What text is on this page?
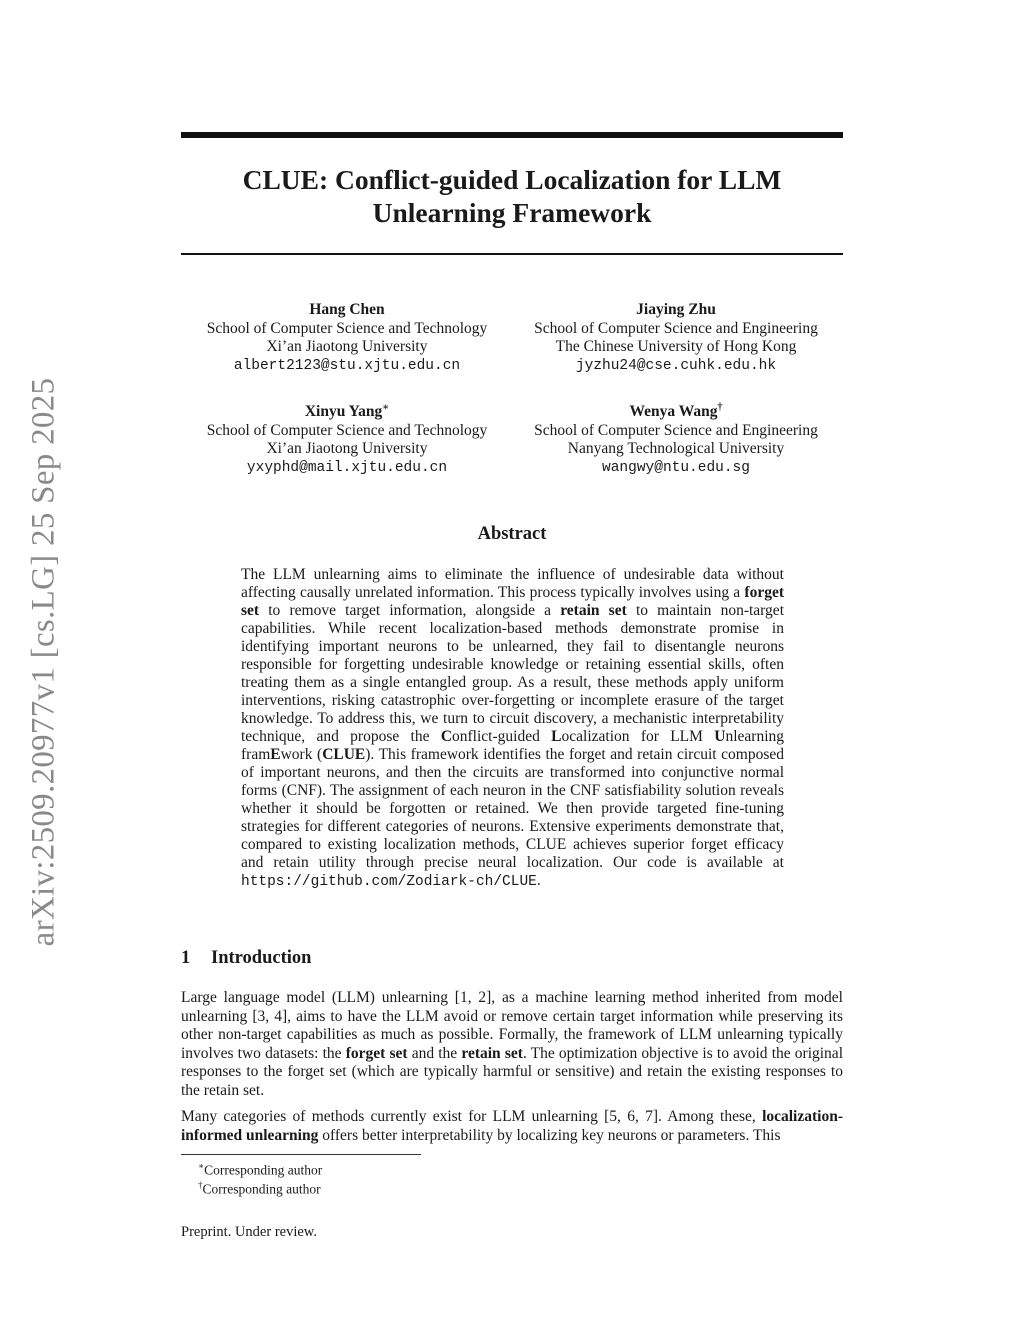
arXiv:2509.20977v1 [cs.LG] 25 Sep 2025
CLUE: Conflict-guided Localization for LLM
Unlearning Framework
Hang Chen
School of Computer Science and Technology
Xi’an Jiaotong University
albert2123@stu.xjtu.edu.cn
Jiaying Zhu
School of Computer Science and Engineering
The Chinese University of Hong Kong
jyzhu24@cse.cuhk.edu.hk
Xinyu Yang∗
School of Computer Science and Technology
Xi’an Jiaotong University
yxyphd@mail.xjtu.edu.cn
Wenya Wang†
School of Computer Science and Engineering
Nanyang Technological University
wangwy@ntu.edu.sg
Abstract
The LLM unlearning aims to eliminate the influence of undesirable data without affecting causally unrelated information. This process typically involves using a forget set to remove target information, alongside a retain set to maintain non-target capabilities. While recent localization-based methods demonstrate promise in identifying important neurons to be unlearned, they fail to disentangle neurons responsible for forgetting undesirable knowledge or retaining essential skills, often treating them as a single entangled group. As a result, these methods apply uniform interventions, risking catastrophic over-forgetting or incomplete erasure of the target knowledge. To address this, we turn to circuit discovery, a mechanistic interpretability technique, and propose the Conflict-guided Localization for LLM Unlearning framEwork (CLUE). This framework identifies the forget and retain circuit composed of important neurons, and then the circuits are transformed into conjunctive normal forms (CNF). The assignment of each neuron in the CNF satisfiability solution reveals whether it should be forgotten or retained. We then provide targeted fine-tuning strategies for different categories of neurons. Extensive experiments demonstrate that, compared to existing localization methods, CLUE achieves superior forget efficacy and retain utility through precise neural localization. Our code is available at https://github.com/Zodiark-ch/CLUE.
1 Introduction
Large language model (LLM) unlearning [1, 2], as a machine learning method inherited from model unlearning [3, 4], aims to have the LLM avoid or remove certain target information while preserving its other non-target capabilities as much as possible. Formally, the framework of LLM unlearning typically involves two datasets: the forget set and the retain set. The optimization objective is to avoid the original responses to the forget set (which are typically harmful or sensitive) and retain the existing responses to the retain set.
Many categories of methods currently exist for LLM unlearning [5, 6, 7]. Among these, localization-informed unlearning offers better interpretability by localizing key neurons or parameters. This
∗Corresponding author
†Corresponding author
Preprint. Under review.
